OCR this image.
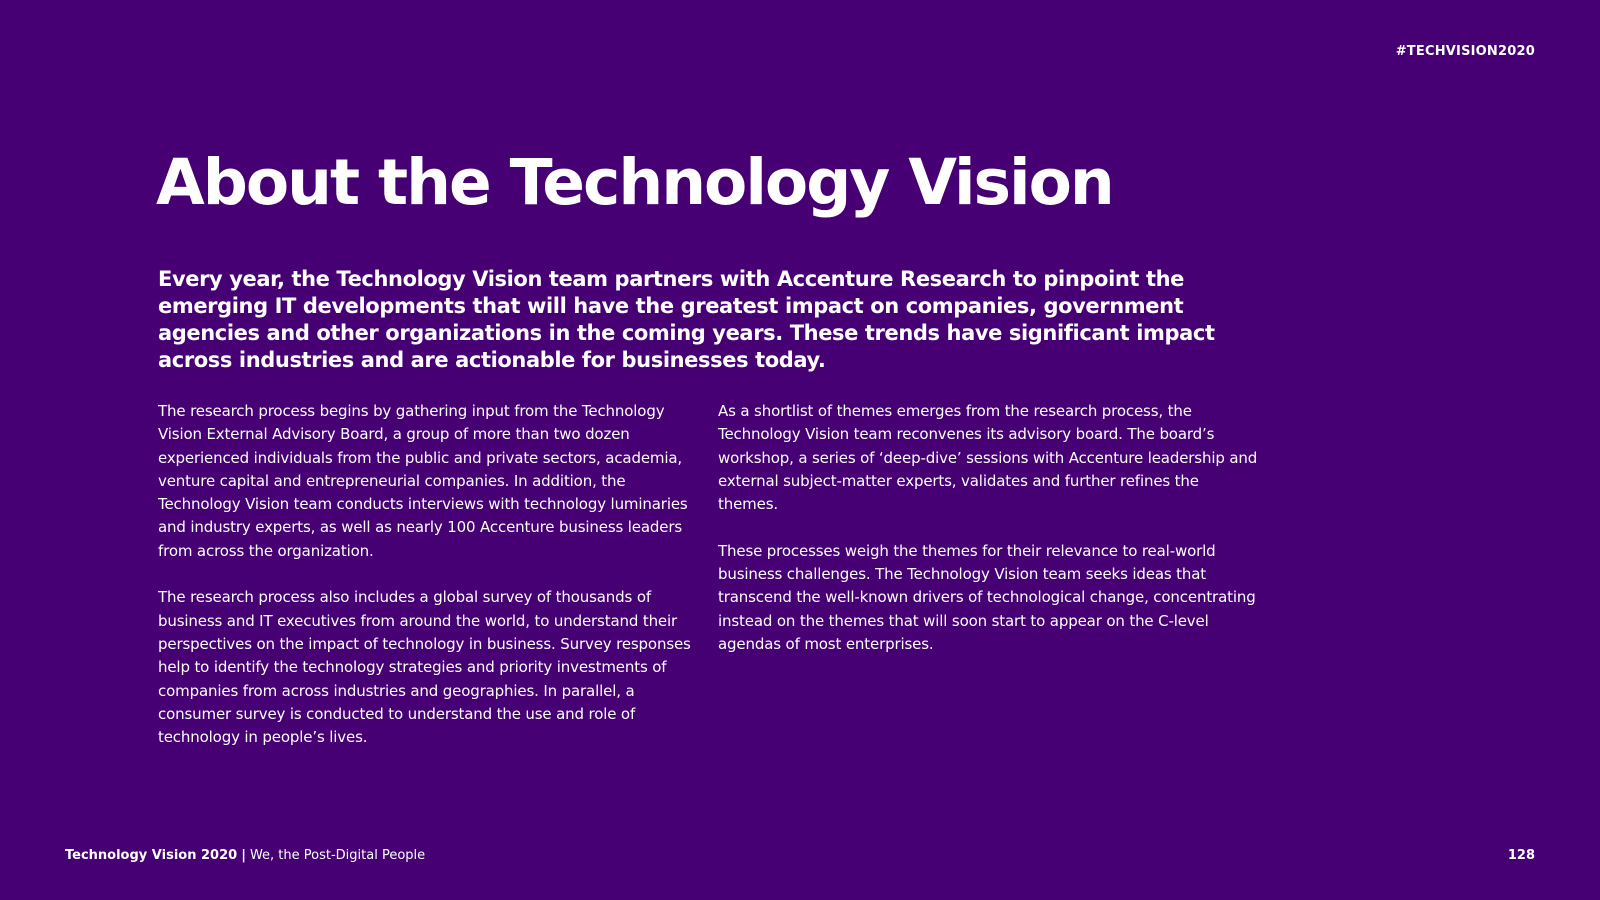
#TECHVISION2020
About the Technology Vision

Every year, the Technology Vision team partners with Accenture Research to pinpoint the emerging IT developments that will have the greatest impact on companies, government agencies and other organizations in the coming years. These trends have significant impact across industries and are actionable for businesses today.

The research process begins by gathering input from the Technology Vision External Advisory Board, a group of more than two dozen experienced individuals from the public and private sectors, academia, venture capital and entrepreneurial companies. In addition, the Technology Vision team conducts interviews with technology luminaries and industry experts, as well as nearly 100 Accenture business leaders from across the organization.

The research process also includes a global survey of thousands of business and IT executives from around the world, to understand their perspectives on the impact of technology in business. Survey responses help to identify the technology strategies and priority investments of companies from across industries and geographies. In parallel, a consumer survey is conducted to understand the use and role of technology in people’s lives.

As a shortlist of themes emerges from the research process, the Technology Vision team reconvenes its advisory board. The board’s workshop, a series of ‘deep-dive’ sessions with Accenture leadership and external subject-matter experts, validates and further refines the themes.

These processes weigh the themes for their relevance to real-world business challenges. The Technology Vision team seeks ideas that transcend the well-known drivers of technological change, concentrating instead on the themes that will soon start to appear on the C-level agendas of most enterprises.

Technology Vision 2020 | We, the Post-Digital People	128
